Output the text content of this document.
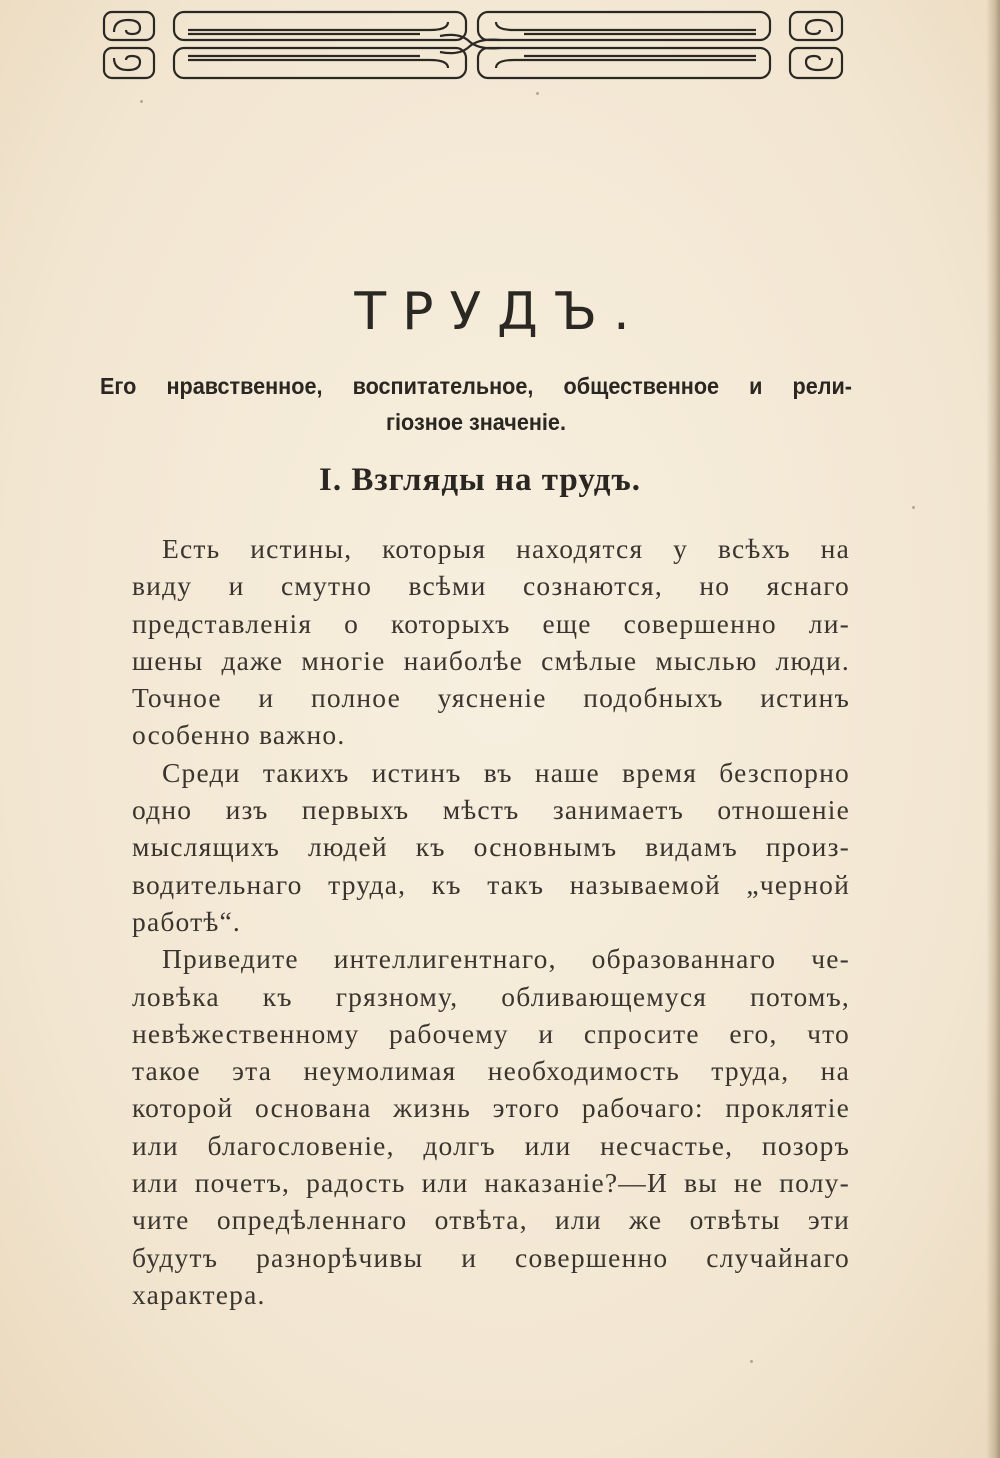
ТРУДЪ.
Его нравственное, воспитательное, общественное и рели-
гіозное значеніе.
I. Взгляды на трудъ.
Есть истины, которыя находятся у всѣхъ на
виду и смутно всѣми сознаются, но яснаго
представленія о которыхъ еще совершенно ли-
шены даже многіе наиболѣе смѣлые мыслью люди.
Точное и полное уясненіе подобныхъ истинъ
особенно важно.
Среди такихъ истинъ въ наше время безспорно
одно изъ первыхъ мѣстъ занимаетъ отношеніе
мыслящихъ людей къ основнымъ видамъ произ-
водительнаго труда, къ такъ называемой „черной
работѣ“.
Приведите интеллигентнаго, образованнаго че-
ловѣка къ грязному, обливающемуся потомъ,
невѣжественному рабочему и спросите его, что
такое эта неумолимая необходимость труда, на
которой основана жизнь этого рабочаго: проклятіе
или благословеніе, долгъ или несчастье, позоръ
или почетъ, радость или наказаніе?—И вы не полу-
чите опредѣленнаго отвѣта, или же отвѣты эти
будутъ разнорѣчивы и совершенно случайнаго
характера.
